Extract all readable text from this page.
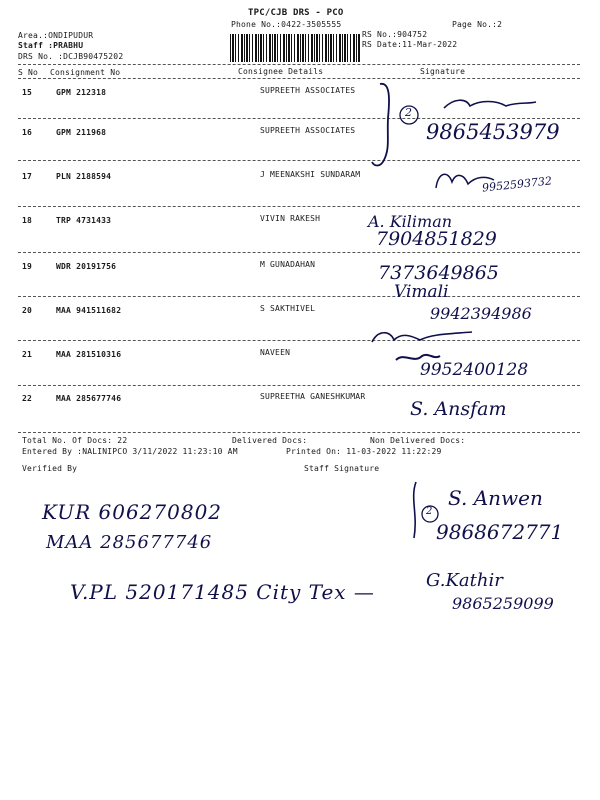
TPC/CJB DRS - PCO
Phone No.:0422-3505555	Page No.:2
Area.:ONDIPUDUR
Staff :PRABHU
DRS No. :DCJB90475202
RS No.:904752
RS Date:11-Mar-2022
S No Consignment No	Consignee Details	Signature
15	GPM 212318	SUPREETH ASSOCIATES
16	GPM 211968	SUPREETH ASSOCIATES
17	PLN 2188594	J MEENAKSHI SUNDARAM
18	TRP 4731433	VIVIN RAKESH
19	WDR 20191756	M GUNADAHAN
20	MAA 941511682	S SAKTHIVEL
21	MAA 281510316	NAVEEN
22	MAA 285677746	SUPREETHA GANESHKUMAR
Total No. Of Docs: 22	Delivered Docs:	Non Delivered Docs:
Entered By :NALINIPCO 3/11/2022 11:23:10 AM	Printed On: 11-03-2022 11:22:29
Verified By	Staff Signature
2
9865453979
9952593732
A. Kiliman
7904851829
7373649865
Vimali
9942394986
9952400128
S. Ansfam
KUR 606270802
MAA 285677746
V.PL 520171485 City Tex —
2
S. Anwen
9868672771
G.Kathir
9865259099
